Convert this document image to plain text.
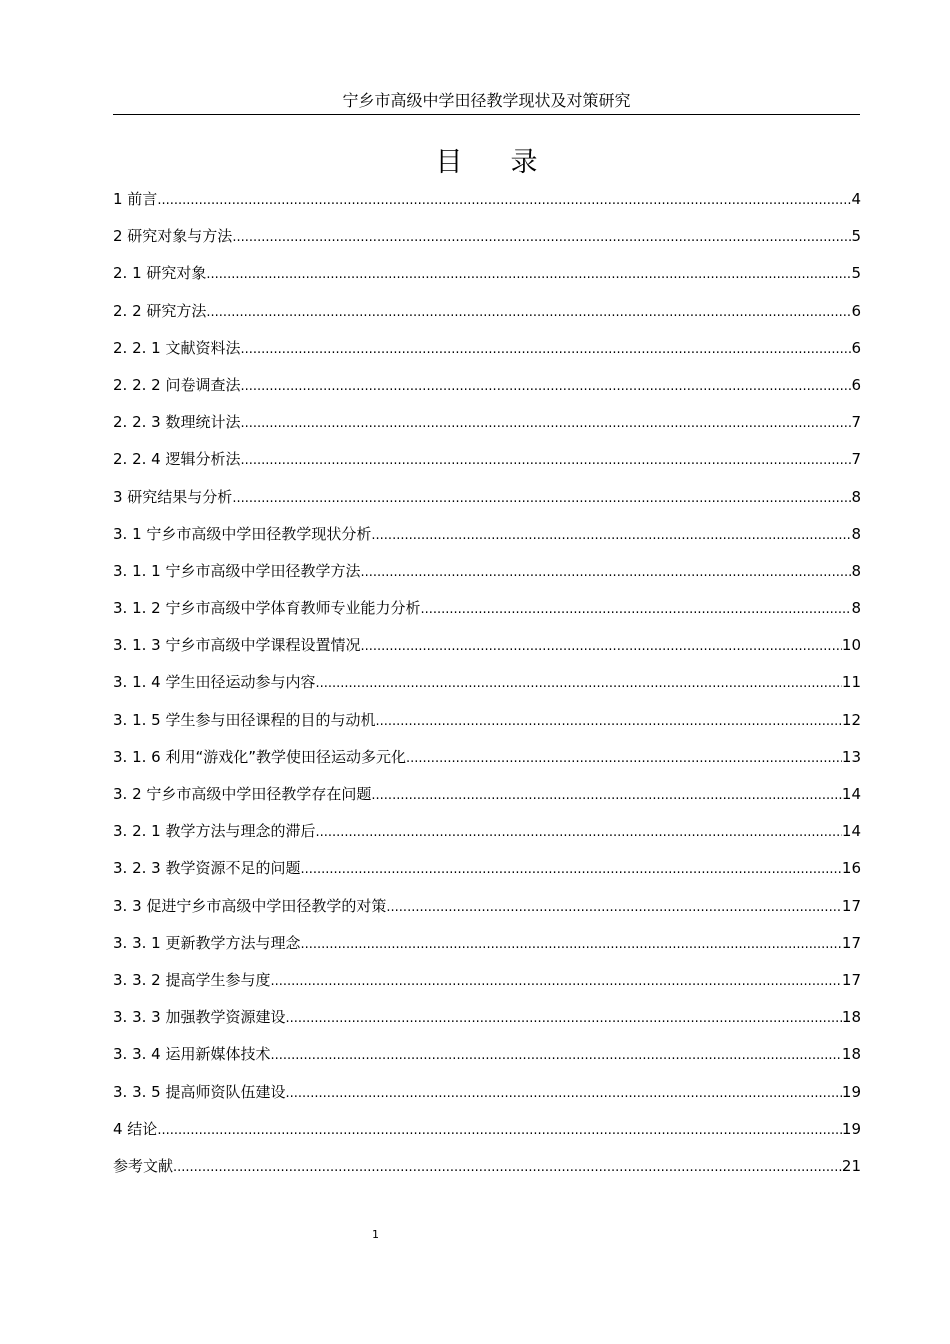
宁乡市高级中学田径教学现状及对策研究
目录
1 前言 .....	4
2 研究对象与方法 .....	5
2. 1 研究对象 .....	5
2. 2 研究方法 .....	6
2. 2. 1 文献资料法 .....	6
2. 2. 2 问卷调查法 .....	6
2. 2. 3 数理统计法 .....	7
2. 2. 4 逻辑分析法 .....	7
3 研究结果与分析 .....	8
3. 1 宁乡市高级中学田径教学现状分析 .....	8
3. 1. 1 宁乡市高级中学田径教学方法 .....	8
3. 1. 2 宁乡市高级中学体育教师专业能力分析 .....	8
3. 1. 3 宁乡市高级中学课程设置情况 .....	10
3. 1. 4 学生田径运动参与内容 .....	11
3. 1. 5 学生参与田径课程的目的与动机 .....	12
3. 1. 6 利用“游戏化”教学使田径运动多元化 .....	13
3. 2 宁乡市高级中学田径教学存在问题 .....	14
3. 2. 1 教学方法与理念的滞后 .....	14
3. 2. 3 教学资源不足的问题 .....	16
3. 3 促进宁乡市高级中学田径教学的对策 .....	17
3. 3. 1 更新教学方法与理念 .....	17
3. 3. 2 提高学生参与度 .....	17
3. 3. 3 加强教学资源建设 .....	18
3. 3. 4 运用新媒体技术 .....	18
3. 3. 5 提高师资队伍建设 .....	19
4 结论 .....	19
参考文献 .....	21
1
